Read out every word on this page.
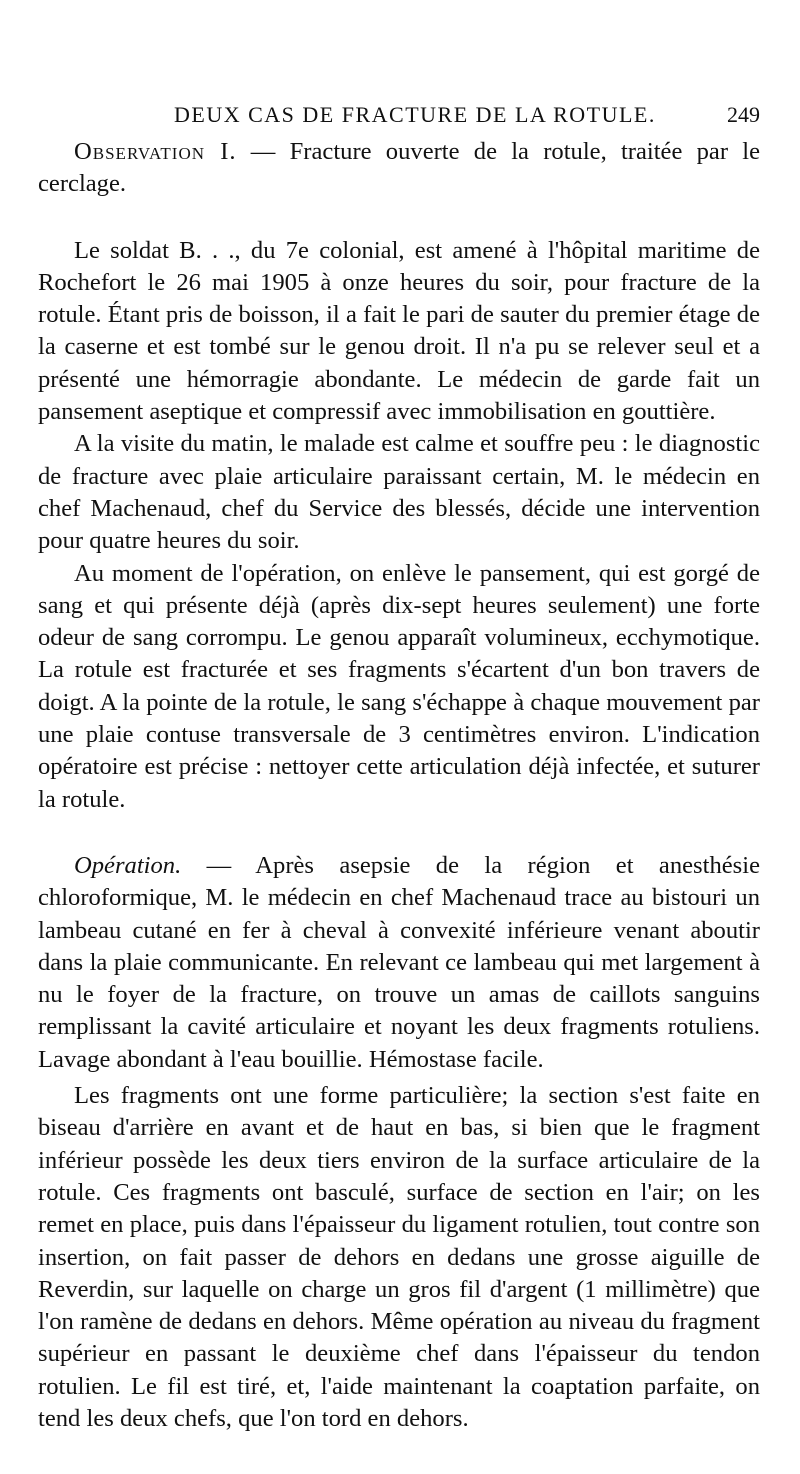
DEUX CAS DE FRACTURE DE LA ROTULE.	249

Observation I. — Fracture ouverte de la rotule, traitée par le cerclage.

Le soldat B. . ., du 7e colonial, est amené à l'hôpital maritime de Rochefort le 26 mai 1905 à onze heures du soir, pour fracture de la rotule. Étant pris de boisson, il a fait le pari de sauter du premier étage de la caserne et est tombé sur le genou droit. Il n'a pu se relever seul et a présenté une hémorragie abondante. Le médecin de garde fait un pansement aseptique et compressif avec immobilisation en gouttière.

A la visite du matin, le malade est calme et souffre peu : le diagnostic de fracture avec plaie articulaire paraissant certain, M. le médecin en chef Machenaud, chef du Service des blessés, décide une intervention pour quatre heures du soir.

Au moment de l'opération, on enlève le pansement, qui est gorgé de sang et qui présente déjà (après dix-sept heures seulement) une forte odeur de sang corrompu. Le genou apparaît volumineux, ecchymotique. La rotule est fracturée et ses fragments s'écartent d'un bon travers de doigt. A la pointe de la rotule, le sang s'échappe à chaque mouvement par une plaie contuse transversale de 3 centimètres environ. L'indication opératoire est précise : nettoyer cette articulation déjà infectée, et suturer la rotule.

Opération. — Après asepsie de la région et anesthésie chloroformique, M. le médecin en chef Machenaud trace au bistouri un lambeau cutané en fer à cheval à convexité inférieure venant aboutir dans la plaie communicante. En relevant ce lambeau qui met largement à nu le foyer de la fracture, on trouve un amas de caillots sanguins remplissant la cavité articulaire et noyant les deux fragments rotuliens. Lavage abondant à l'eau bouillie. Hémostase facile.

Les fragments ont une forme particulière; la section s'est faite en biseau d'arrière en avant et de haut en bas, si bien que le fragment inférieur possède les deux tiers environ de la surface articulaire de la rotule. Ces fragments ont basculé, surface de section en l'air; on les remet en place, puis dans l'épaisseur du ligament rotulien, tout contre son insertion, on fait passer de dehors en dedans une grosse aiguille de Reverdin, sur laquelle on charge un gros fil d'argent (1 millimètre) que l'on ramène de dedans en dehors. Même opération au niveau du fragment supérieur en passant le deuxième chef dans l'épaisseur du tendon rotulien. Le fil est tiré, et, l'aide maintenant la coaptation parfaite, on tend les deux chefs, que l'on tord en dehors.
